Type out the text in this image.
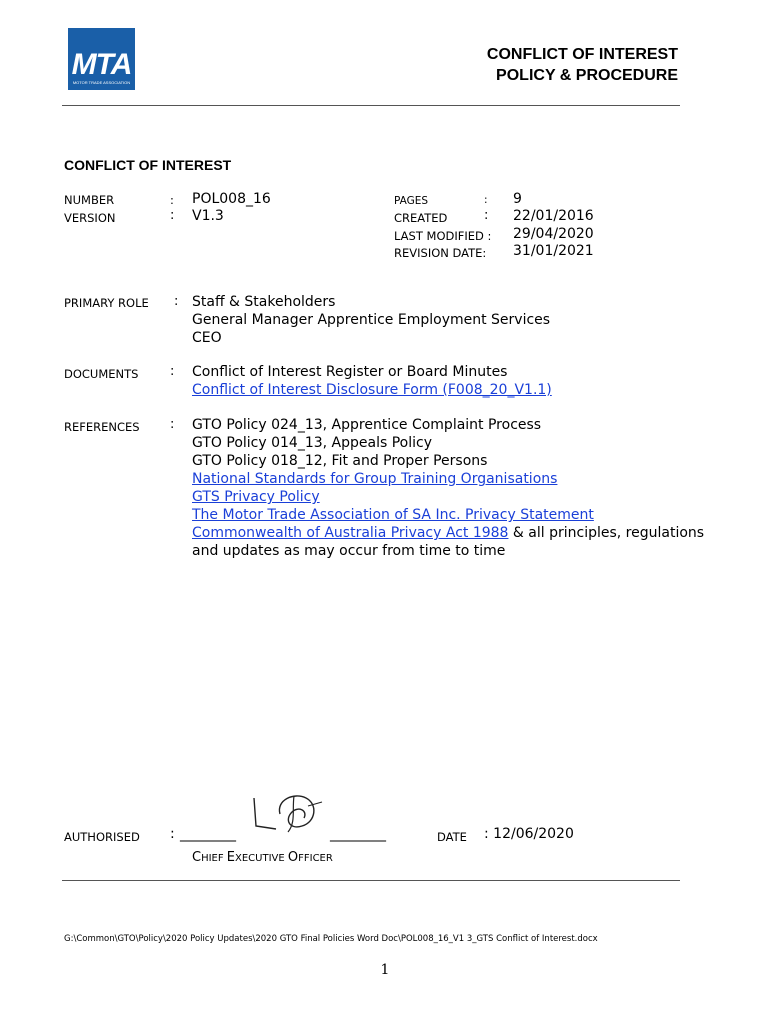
MTA
MOTOR TRADE ASSOCIATION
CONFLICT OF INTEREST
POLICY & PROCEDURE
CONFLICT OF INTEREST
NUMBER	: POL008_16
VERSION	: V1.3
PAGES	: 9
CREATED	: 22/01/2016
LAST MODIFIED : 29/04/2020
REVISION DATE: 31/01/2021
PRIMARY ROLE : Staff & Stakeholders
General Manager Apprentice Employment Services
CEO
DOCUMENTS : Conflict of Interest Register or Board Minutes
Conflict of Interest Disclosure Form (F008_20_V1.1)
REFERENCES : GTO Policy 024_13, Apprentice Complaint Process
GTO Policy 014_13, Appeals Policy
GTO Policy 018_12, Fit and Proper Persons
National Standards for Group Training Organisations
GTS Privacy Policy
The Motor Trade Association of SA Inc. Privacy Statement
Commonwealth of Australia Privacy Act 1988 & all principles, regulations
and updates as may occur from time to time
AUTHORISED : ________	________	DATE : 12/06/2020
CHIEF EXECUTIVE OFFICER
G:\Common\GTO\Policy\2020 Policy Updates\2020 GTO Final Policies Word Doc\POL008_16_V1 3_GTS Conflict of Interest.docx
1
